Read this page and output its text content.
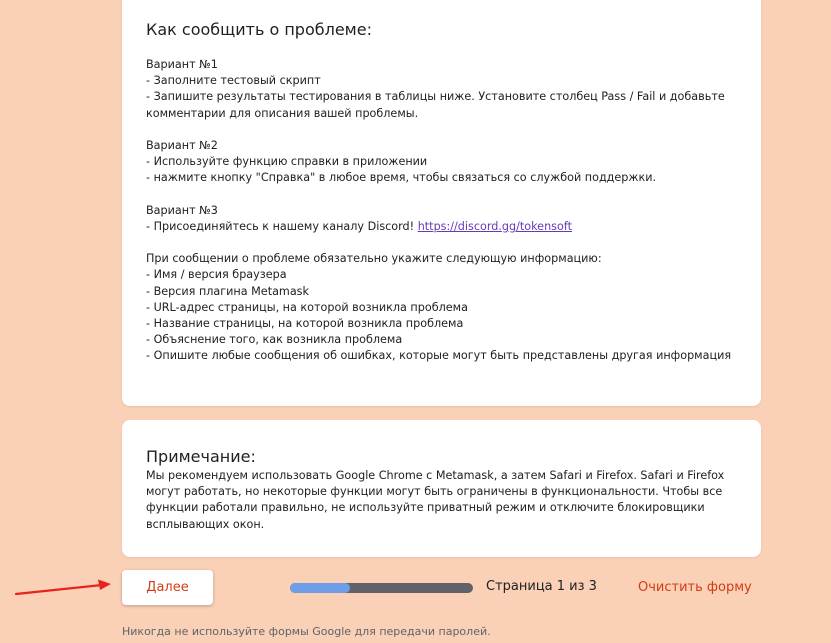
Как сообщить о проблеме:
Вариант №1
- Заполните тестовый скрипт
- Запишите результаты тестирования в таблицы ниже. Установите столбец Pass / Fail и добавьте
комментарии для описания вашей проблемы.
Вариант №2
- Используйте функцию справки в приложении
- нажмите кнопку "Справка" в любое время, чтобы связаться со службой поддержки.
Вариант №3
- Присоединяйтесь к нашему каналу Discord! https://discord.gg/tokensoft
При сообщении о проблеме обязательно укажите следующую информацию:
- Имя / версия браузера
- Версия плагина Metamask
- URL-адрес страницы, на которой возникла проблема
- Название страницы, на которой возникла проблема
- Объяснение того, как возникла проблема
- Опишите любые сообщения об ошибках, которые могут быть представлены другая информация
Примечание:
Мы рекомендуем использовать Google Chrome с Metamask, а затем Safari и Firefox. Safari и Firefox могут работать, но некоторые функции могут быть ограничены в функциональности. Чтобы все функции работали правильно, не используйте приватный режим и отключите блокировщики всплывающих окон.
Далее	Страница 1 из 3	Очистить форму
Никогда не используйте формы Google для передачи паролей.
